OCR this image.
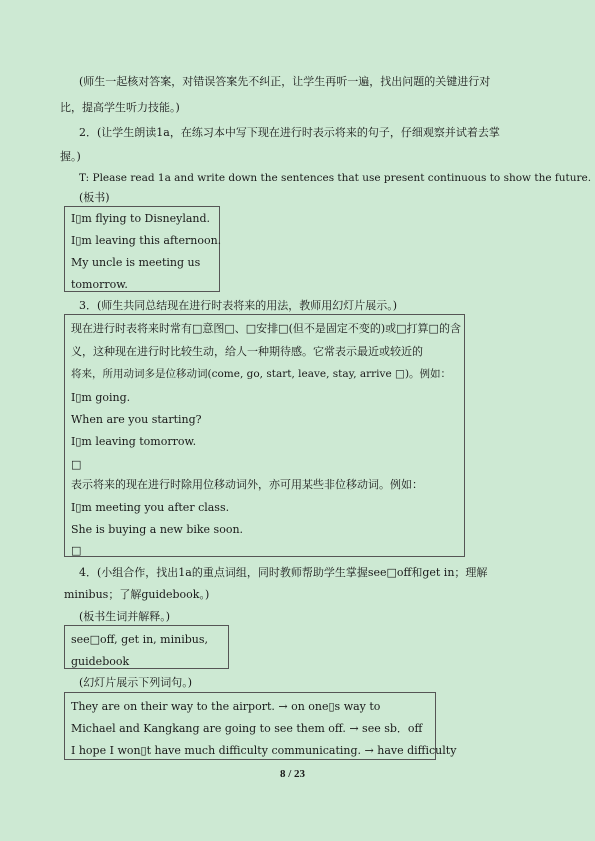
(师生一起核对答案，对错误答案先不纠正，让学生再听一遍，找出问题的关键进行对
比，提高学生听力技能。)
2．(让学生朗读1a，在练习本中写下现在进行时表示将来的句子，仔细观察并试着去掌
握。)
T: Please read 1a and write down the sentences that use present continuous to show the future.
(板书)
I▯m flying to Disneyland.
I▯m leaving this afternoon.
My uncle is meeting us
tomorrow.
3．(师生共同总结现在进行时表将来的用法，教师用幻灯片展示。)
现在进行时表将来时常有□意图□、□安排□(但不是固定不变的)或□打算□的含
义，这种现在进行时比较生动，给人一种期待感。它常表示最近或较近的
将来，所用动词多是位移动词(come, go, start, leave, stay, arrive □)。例如：
I▯m going.
When are you starting?
I▯m leaving tomorrow.
□
表示将来的现在进行时除用位移动词外，亦可用某些非位移动词。例如：
I▯m meeting you after class.
She is buying a new bike soon.
□
4．(小组合作，找出1a的重点词组，同时教师帮助学生掌握see□off和get in；理解
minibus；了解guidebook。)
(板书生词并解释。)
see□off, get in, minibus,
guidebook
(幻灯片展示下列词句。)
They are on their way to the airport. → on one▯s way to
Michael and Kangkang are going to see them off. → see sb．off
I hope I won▯t have much difficulty communicating. → have difficulty
8 / 23
